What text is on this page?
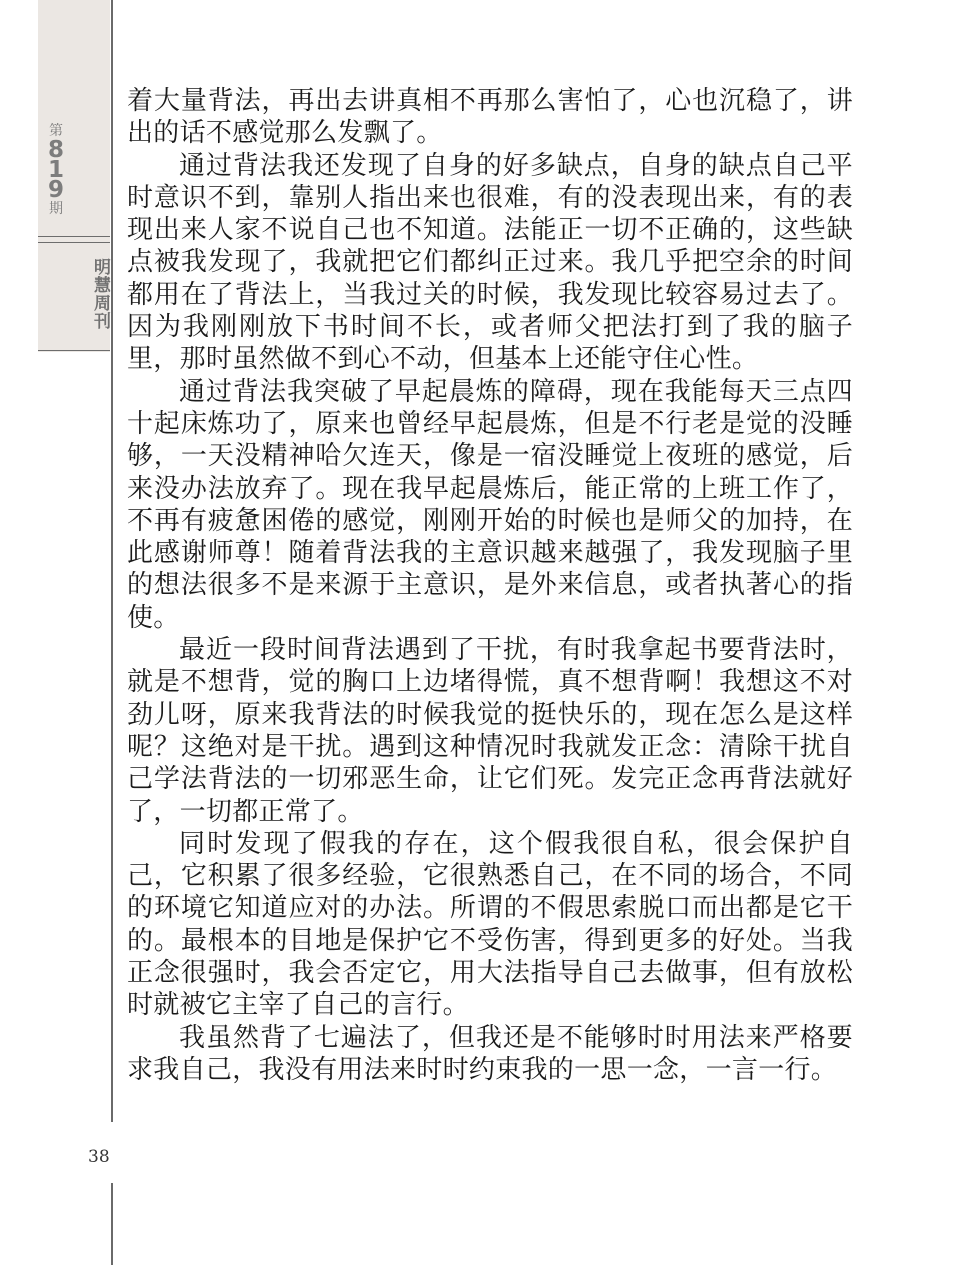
第
8
1
9
期
明慧周刊
38

着大量背法，再出去讲真相不再那么害怕了，心也沉稳了，讲出的话不感觉那么发飘了。

通过背法我还发现了自身的好多缺点，自身的缺点自己平时意识不到，靠别人指出来也很难，有的没表现出来，有的表现出来人家不说自己也不知道。法能正一切不正确的，这些缺点被我发现了，我就把它们都纠正过来。我几乎把空余的时间都用在了背法上，当我过关的时候，我发现比较容易过去了。因为我刚刚放下书时间不长，或者师父把法打到了我的脑子里，那时虽然做不到心不动，但基本上还能守住心性。

通过背法我突破了早起晨炼的障碍，现在我能每天三点四十起床炼功了，原来也曾经早起晨炼，但是不行老是觉的没睡够，一天没精神哈欠连天，像是一宿没睡觉上夜班的感觉，后来没办法放弃了。现在我早起晨炼后，能正常的上班工作了，不再有疲惫困倦的感觉，刚刚开始的时候也是师父的加持，在此感谢师尊！随着背法我的主意识越来越强了，我发现脑子里的想法很多不是来源于主意识，是外来信息，或者执著心的指使。

最近一段时间背法遇到了干扰，有时我拿起书要背法时，就是不想背，觉的胸口上边堵得慌，真不想背啊！我想这不对劲儿呀，原来我背法的时候我觉的挺快乐的，现在怎么是这样呢？这绝对是干扰。遇到这种情况时我就发正念：清除干扰自己学法背法的一切邪恶生命，让它们死。发完正念再背法就好了，一切都正常了。

同时发现了假我的存在，这个假我很自私，很会保护自己，它积累了很多经验，它很熟悉自己，在不同的场合，不同的环境它知道应对的办法。所谓的不假思索脱口而出都是它干的。最根本的目地是保护它不受伤害，得到更多的好处。当我正念很强时，我会否定它，用大法指导自己去做事，但有放松时就被它主宰了自己的言行。

我虽然背了七遍法了，但我还是不能够时时用法来严格要求我自己，我没有用法来时时约束我的一思一念，一言一行。
